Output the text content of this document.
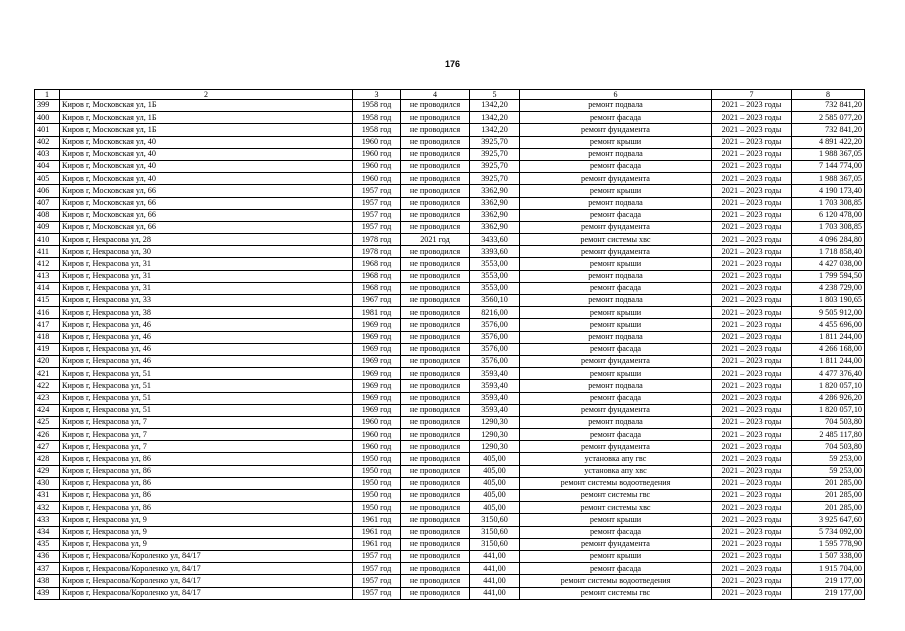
176
1	2	3	4	5	6	7	8
399	Киров г, Московская ул, 1Б	1958 год	не проводился	1342,20	ремонт подвала	2021 – 2023 годы	732 841,20
400	Киров г, Московская ул, 1Б	1958 год	не проводился	1342,20	ремонт фасада	2021 – 2023 годы	2 585 077,20
401	Киров г, Московская ул, 1Б	1958 год	не проводился	1342,20	ремонт фундамента	2021 – 2023 годы	732 841,20
402	Киров г, Московская ул, 40	1960 год	не проводился	3925,70	ремонт крыши	2021 – 2023 годы	4 891 422,20
403	Киров г, Московская ул, 40	1960 год	не проводился	3925,70	ремонт подвала	2021 – 2023 годы	1 988 367,05
404	Киров г, Московская ул, 40	1960 год	не проводился	3925,70	ремонт фасада	2021 – 2023 годы	7 144 774,00
405	Киров г, Московская ул, 40	1960 год	не проводился	3925,70	ремонт фундамента	2021 – 2023 годы	1 988 367,05
406	Киров г, Московская ул, 66	1957 год	не проводился	3362,90	ремонт крыши	2021 – 2023 годы	4 190 173,40
407	Киров г, Московская ул, 66	1957 год	не проводился	3362,90	ремонт подвала	2021 – 2023 годы	1 703 308,85
408	Киров г, Московская ул, 66	1957 год	не проводился	3362,90	ремонт фасада	2021 – 2023 годы	6 120 478,00
409	Киров г, Московская ул, 66	1957 год	не проводился	3362,90	ремонт фундамента	2021 – 2023 годы	1 703 308,85
410	Киров г, Некрасова ул, 28	1978 год	2021 год	3433,60	ремонт системы хвс	2021 – 2023 годы	4 096 284,80
411	Киров г, Некрасова ул, 30	1978 год	не проводился	3393,60	ремонт фундамента	2021 – 2023 годы	1 718 858,40
412	Киров г, Некрасова ул, 31	1968 год	не проводился	3553,00	ремонт крыши	2021 – 2023 годы	4 427 038,00
413	Киров г, Некрасова ул, 31	1968 год	не проводился	3553,00	ремонт подвала	2021 – 2023 годы	1 799 594,50
414	Киров г, Некрасова ул, 31	1968 год	не проводился	3553,00	ремонт фасада	2021 – 2023 годы	4 238 729,00
415	Киров г, Некрасова ул, 33	1967 год	не проводился	3560,10	ремонт подвала	2021 – 2023 годы	1 803 190,65
416	Киров г, Некрасова ул, 38	1981 год	не проводился	8216,00	ремонт крыши	2021 – 2023 годы	9 505 912,00
417	Киров г, Некрасова ул, 46	1969 год	не проводился	3576,00	ремонт крыши	2021 – 2023 годы	4 455 696,00
418	Киров г, Некрасова ул, 46	1969 год	не проводился	3576,00	ремонт подвала	2021 – 2023 годы	1 811 244,00
419	Киров г, Некрасова ул, 46	1969 год	не проводился	3576,00	ремонт фасада	2021 – 2023 годы	4 266 168,00
420	Киров г, Некрасова ул, 46	1969 год	не проводился	3576,00	ремонт фундамента	2021 – 2023 годы	1 811 244,00
421	Киров г, Некрасова ул, 51	1969 год	не проводился	3593,40	ремонт крыши	2021 – 2023 годы	4 477 376,40
422	Киров г, Некрасова ул, 51	1969 год	не проводился	3593,40	ремонт подвала	2021 – 2023 годы	1 820 057,10
423	Киров г, Некрасова ул, 51	1969 год	не проводился	3593,40	ремонт фасада	2021 – 2023 годы	4 286 926,20
424	Киров г, Некрасова ул, 51	1969 год	не проводился	3593,40	ремонт фундамента	2021 – 2023 годы	1 820 057,10
425	Киров г, Некрасова ул, 7	1960 год	не проводился	1290,30	ремонт подвала	2021 – 2023 годы	704 503,80
426	Киров г, Некрасова ул, 7	1960 год	не проводился	1290,30	ремонт фасада	2021 – 2023 годы	2 485 117,80
427	Киров г, Некрасова ул, 7	1960 год	не проводился	1290,30	ремонт фундамента	2021 – 2023 годы	704 503,80
428	Киров г, Некрасова ул, 86	1950 год	не проводился	405,00	установка апу гвс	2021 – 2023 годы	59 253,00
429	Киров г, Некрасова ул, 86	1950 год	не проводился	405,00	установка апу хвс	2021 – 2023 годы	59 253,00
430	Киров г, Некрасова ул, 86	1950 год	не проводился	405,00	ремонт системы водоотведения	2021 – 2023 годы	201 285,00
431	Киров г, Некрасова ул, 86	1950 год	не проводился	405,00	ремонт системы гвс	2021 – 2023 годы	201 285,00
432	Киров г, Некрасова ул, 86	1950 год	не проводился	405,00	ремонт системы хвс	2021 – 2023 годы	201 285,00
433	Киров г, Некрасова ул, 9	1961 год	не проводился	3150,60	ремонт крыши	2021 – 2023 годы	3 925 647,60
434	Киров г, Некрасова ул, 9	1961 год	не проводился	3150,60	ремонт фасада	2021 – 2023 годы	5 734 092,00
435	Киров г, Некрасова ул, 9	1961 год	не проводился	3150,60	ремонт фундамента	2021 – 2023 годы	1 595 778,90
436	Киров г, Некрасова/Короленко ул, 84/17	1957 год	не проводился	441,00	ремонт крыши	2021 – 2023 годы	1 507 338,00
437	Киров г, Некрасова/Короленко ул, 84/17	1957 год	не проводился	441,00	ремонт фасада	2021 – 2023 годы	1 915 704,00
438	Киров г, Некрасова/Короленко ул, 84/17	1957 год	не проводился	441,00	ремонт системы водоотведения	2021 – 2023 годы	219 177,00
439	Киров г, Некрасова/Короленко ул, 84/17	1957 год	не проводился	441,00	ремонт системы гвс	2021 – 2023 годы	219 177,00
